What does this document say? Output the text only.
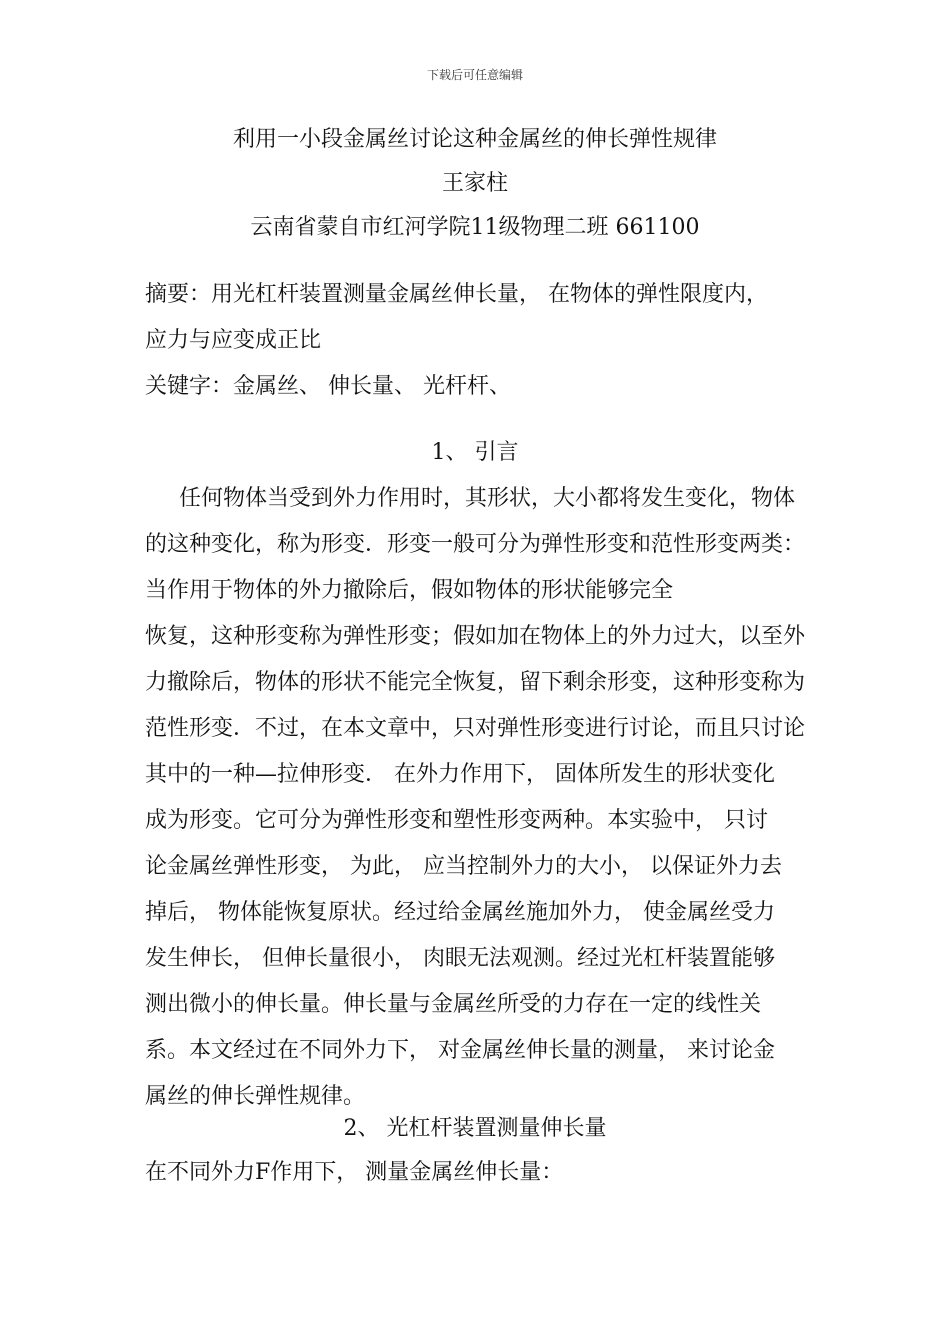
下载后可任意编辑
利用一小段金属丝讨论这种金属丝的伸长弹性规律
王家柱
云南省蒙自市红河学院11级物理二班 661100
摘要：用光杠杆装置测量金属丝伸长量， 在物体的弹性限度内，
应力与应变成正比
关键字：金属丝、 伸长量、 光杆杆、
1、 引言
任何物体当受到外力作用时，其形状，大小都将发生变化，物体
的这种变化，称为形变．形变一般可分为弹性形变和范性形变两类：
当作用于物体的外力撤除后，假如物体的形状能够完全
恢复，这种形变称为弹性形变；假如加在物体上的外力过大，以至外
力撤除后，物体的形状不能完全恢复，留下剩余形变，这种形变称为
范性形变．不过，在本文章中，只对弹性形变进行讨论，而且只讨论
其中的一种—拉伸形变． 在外力作用下， 固体所发生的形状变化
成为形变。它可分为弹性形变和塑性形变两种。本实验中， 只讨
论金属丝弹性形变， 为此， 应当控制外力的大小， 以保证外力去
掉后， 物体能恢复原状。经过给金属丝施加外力， 使金属丝受力
发生伸长， 但伸长量很小， 肉眼无法观测。经过光杠杆装置能够
测出微小的伸长量。伸长量与金属丝所受的力存在一定的线性关
系。本文经过在不同外力下， 对金属丝伸长量的测量， 来讨论金
属丝的伸长弹性规律。
2、 光杠杆装置测量伸长量
在不同外力F作用下， 测量金属丝伸长量：
